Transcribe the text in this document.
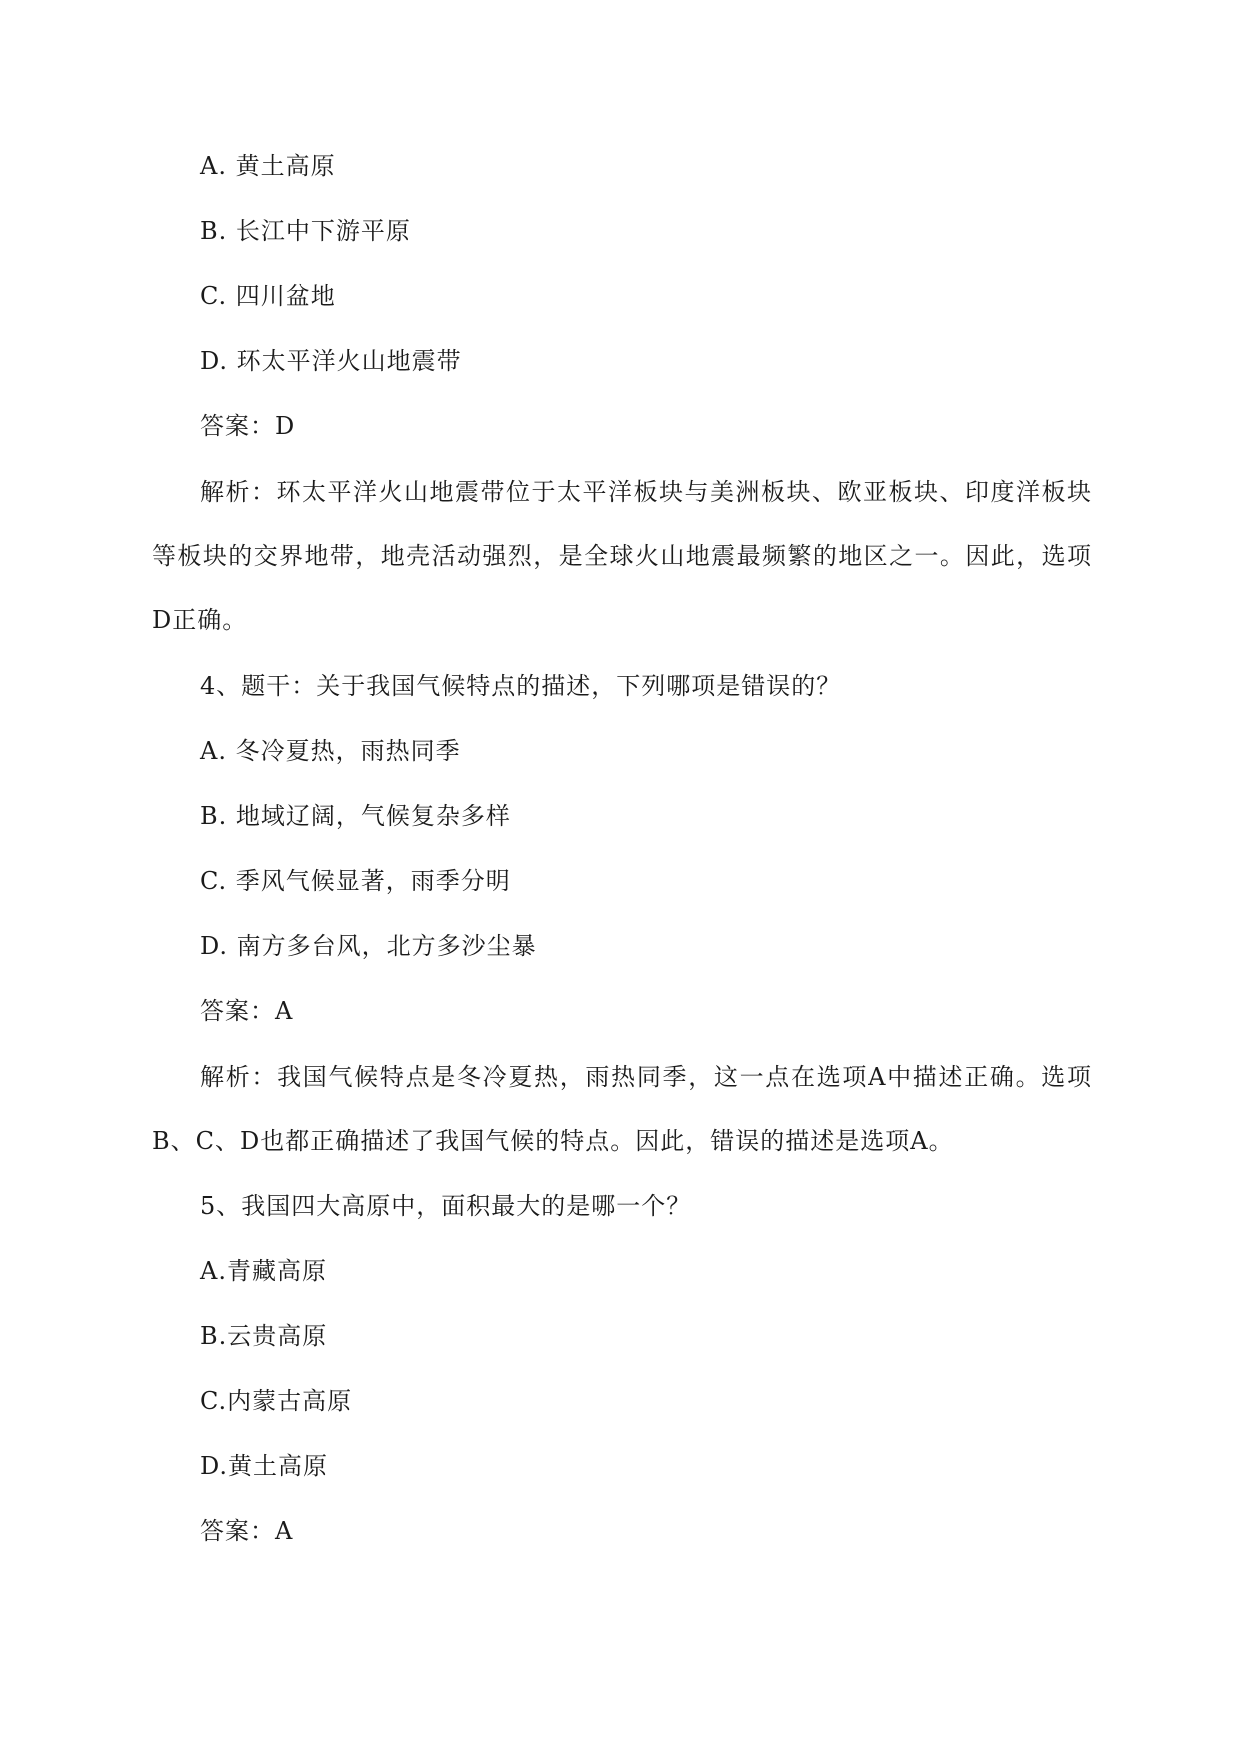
A. 黄土高原
B. 长江中下游平原
C. 四川盆地
D. 环太平洋火山地震带
答案：D
解析：环太平洋火山地震带位于太平洋板块与美洲板块、欧亚板块、印度洋板块等板块的交界地带，地壳活动强烈，是全球火山地震最频繁的地区之一。因此，选项D正确。
4、题干：关于我国气候特点的描述，下列哪项是错误的？
A. 冬冷夏热，雨热同季
B. 地域辽阔，气候复杂多样
C. 季风气候显著，雨季分明
D. 南方多台风，北方多沙尘暴
答案：A
解析：我国气候特点是冬冷夏热，雨热同季，这一点在选项A中描述正确。选项B、C、D也都正确描述了我国气候的特点。因此，错误的描述是选项A。
5、我国四大高原中，面积最大的是哪一个？
A.青藏高原
B.云贵高原
C.内蒙古高原
D.黄土高原
答案：A
